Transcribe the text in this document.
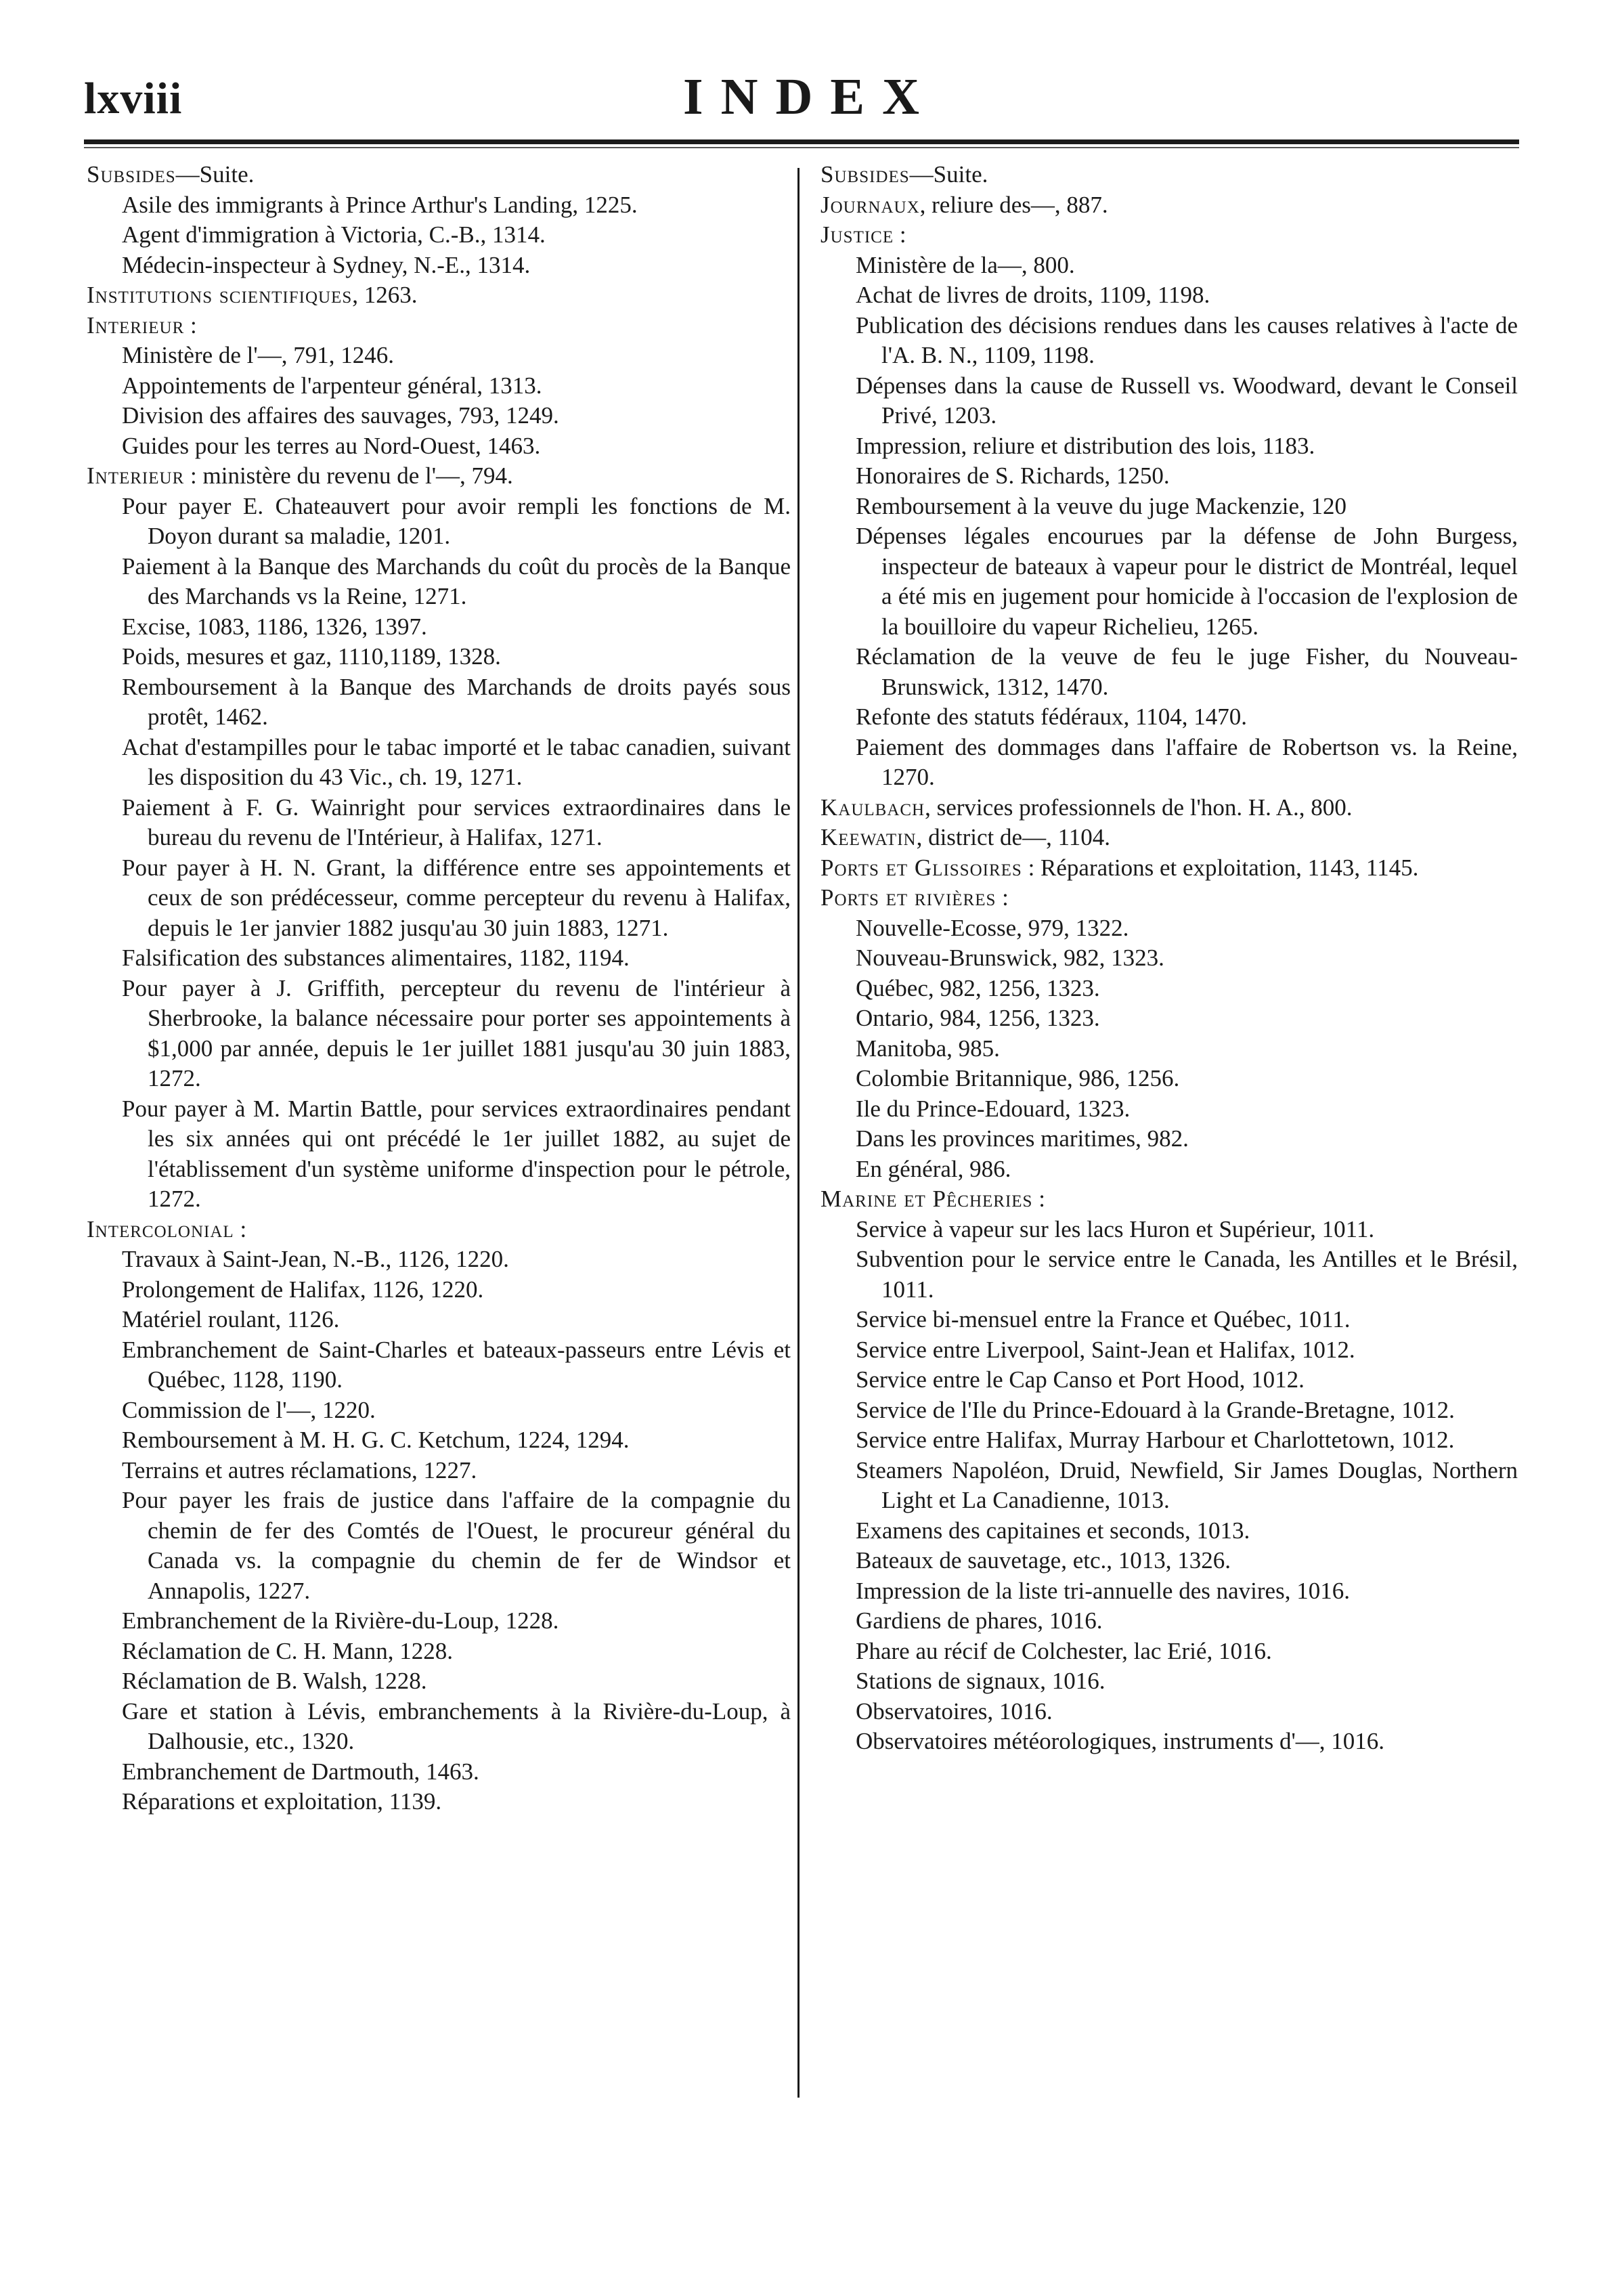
lxviii	INDEX

Subsides—Suite.

Asile des immigrants à Prince Arthur's Landing, 1225.

Agent d'immigration à Victoria, C.-B., 1314.

Médecin-inspecteur à Sydney, N.-E., 1314.

Institutions scientifiques, 1263.

Interieur :

Ministère de l'—, 791, 1246.

Appointements de l'arpenteur général, 1313.

Division des affaires des sauvages, 793, 1249.

Guides pour les terres au Nord-Ouest, 1463.

Interieur : ministère du revenu de l'—, 794.

Pour payer E. Chateauvert pour avoir rempli les fonctions de M. Doyon durant sa maladie, 1201.

Paiement à la Banque des Marchands du coût du procès de la Banque des Marchands vs la Reine, 1271.

Excise, 1083, 1186, 1326, 1397.

Poids, mesures et gaz, 1110,1189, 1328.

Remboursement à la Banque des Marchands de droits payés sous protêt, 1462.

Achat d'estampilles pour le tabac importé et le tabac canadien, suivant les disposition du 43 Vic., ch. 19, 1271.

Paiement à F. G. Wainright pour services extraordinaires dans le bureau du revenu de l'Intérieur, à Halifax, 1271.

Pour payer à H. N. Grant, la différence entre ses appointements et ceux de son prédécesseur, comme percepteur du revenu à Halifax, depuis le 1er janvier 1882 jusqu'au 30 juin 1883, 1271.

Falsification des substances alimentaires, 1182, 1194.

Pour payer à J. Griffith, percepteur du revenu de l'intérieur à Sherbrooke, la balance nécessaire pour porter ses appointements à $1,000 par année, depuis le 1er juillet 1881 jusqu'au 30 juin 1883, 1272.

Pour payer à M. Martin Battle, pour services extraordinaires pendant les six années qui ont précédé le 1er juillet 1882, au sujet de l'établissement d'un système uniforme d'inspection pour le pétrole, 1272.

Intercolonial :

Travaux à Saint-Jean, N.-B., 1126, 1220.

Prolongement de Halifax, 1126, 1220.

Matériel roulant, 1126.

Embranchement de Saint-Charles et bateaux-passeurs entre Lévis et Québec, 1128, 1190.

Commission de l'—, 1220.

Remboursement à M. H. G. C. Ketchum, 1224, 1294.

Terrains et autres réclamations, 1227.

Pour payer les frais de justice dans l'affaire de la compagnie du chemin de fer des Comtés de l'Ouest, le procureur général du Canada vs. la compagnie du chemin de fer de Windsor et Annapolis, 1227.

Embranchement de la Rivière-du-Loup, 1228.

Réclamation de C. H. Mann, 1228.

Réclamation de B. Walsh, 1228.

Gare et station à Lévis, embranchements à la Rivière-du-Loup, à Dalhousie, etc., 1320.

Embranchement de Dartmouth, 1463.

Réparations et exploitation, 1139.

Subsides—Suite.

Journaux, reliure des—, 887.

Justice :

Ministère de la—, 800.

Achat de livres de droits, 1109, 1198.

Publication des décisions rendues dans les causes relatives à l'acte de l'A. B. N., 1109, 1198.

Dépenses dans la cause de Russell vs. Woodward, devant le Conseil Privé, 1203.

Impression, reliure et distribution des lois, 1183.

Honoraires de S. Richards, 1250.

Remboursement à la veuve du juge Mackenzie, 120

Dépenses légales encourues par la défense de John Burgess, inspecteur de bateaux à vapeur pour le district de Montréal, lequel a été mis en jugement pour homicide à l'occasion de l'explosion de la bouilloire du vapeur Richelieu, 1265.

Réclamation de la veuve de feu le juge Fisher, du Nouveau-Brunswick, 1312, 1470.

Refonte des statuts fédéraux, 1104, 1470.

Paiement des dommages dans l'affaire de Robertson vs. la Reine, 1270.

Kaulbach, services professionnels de l'hon. H. A., 800.

Keewatin, district de—, 1104.

Ports et Glissoires : Réparations et exploitation, 1143, 1145.

Ports et rivières :

Nouvelle-Ecosse, 979, 1322.

Nouveau-Brunswick, 982, 1323.

Québec, 982, 1256, 1323.

Ontario, 984, 1256, 1323.

Manitoba, 985.

Colombie Britannique, 986, 1256.

Ile du Prince-Edouard, 1323.

Dans les provinces maritimes, 982.

En général, 986.

Marine et Pêcheries :

Service à vapeur sur les lacs Huron et Supérieur, 1011.

Subvention pour le service entre le Canada, les Antilles et le Brésil, 1011.

Service bi-mensuel entre la France et Québec, 1011.

Service entre Liverpool, Saint-Jean et Halifax, 1012.

Service entre le Cap Canso et Port Hood, 1012.

Service de l'Ile du Prince-Edouard à la Grande-Bretagne, 1012.

Service entre Halifax, Murray Harbour et Charlottetown, 1012.

Steamers Napoléon, Druid, Newfield, Sir James Douglas, Northern Light et La Canadienne, 1013.

Examens des capitaines et seconds, 1013.

Bateaux de sauvetage, etc., 1013, 1326.

Impression de la liste tri-annuelle des navires, 1016.

Gardiens de phares, 1016.

Phare au récif de Colchester, lac Erié, 1016.

Stations de signaux, 1016.

Observatoires, 1016.

Observatoires météorologiques, instruments d'—, 1016.
